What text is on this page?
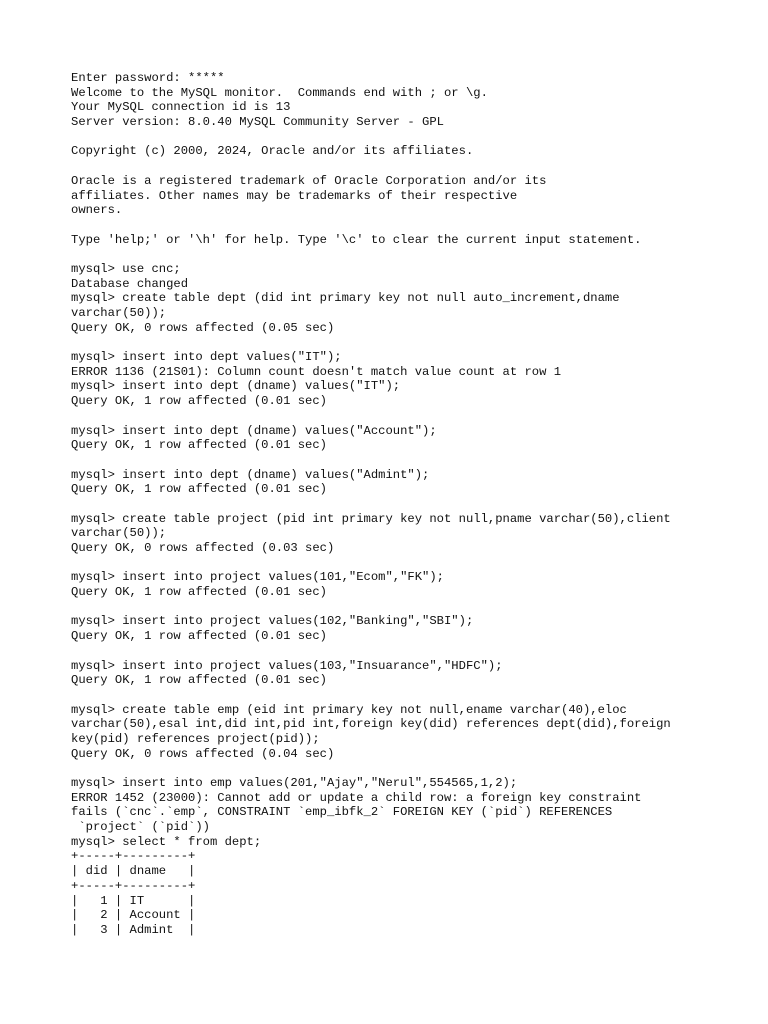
Enter password: *****
Welcome to the MySQL monitor.  Commands end with ; or \g.
Your MySQL connection id is 13
Server version: 8.0.40 MySQL Community Server - GPL
Copyright (c) 2000, 2024, Oracle and/or its affiliates.
Oracle is a registered trademark of Oracle Corporation and/or its
affiliates. Other names may be trademarks of their respective
owners.
Type 'help;' or '\h' for help. Type '\c' to clear the current input statement.
mysql> use cnc;
Database changed
mysql> create table dept (did int primary key not null auto_increment,dname
varchar(50));
Query OK, 0 rows affected (0.05 sec)
mysql> insert into dept values("IT");
ERROR 1136 (21S01): Column count doesn't match value count at row 1
mysql> insert into dept (dname) values("IT");
Query OK, 1 row affected (0.01 sec)
mysql> insert into dept (dname) values("Account");
Query OK, 1 row affected (0.01 sec)
mysql> insert into dept (dname) values("Admint");
Query OK, 1 row affected (0.01 sec)
mysql> create table project (pid int primary key not null,pname varchar(50),client
varchar(50));
Query OK, 0 rows affected (0.03 sec)
mysql> insert into project values(101,"Ecom","FK");
Query OK, 1 row affected (0.01 sec)
mysql> insert into project values(102,"Banking","SBI");
Query OK, 1 row affected (0.01 sec)
mysql> insert into project values(103,"Insuarance","HDFC");
Query OK, 1 row affected (0.01 sec)
mysql> create table emp (eid int primary key not null,ename varchar(40),eloc
varchar(50),esal int,did int,pid int,foreign key(did) references dept(did),foreign
key(pid) references project(pid));
Query OK, 0 rows affected (0.04 sec)
mysql> insert into emp values(201,"Ajay","Nerul",554565,1,2);
ERROR 1452 (23000): Cannot add or update a child row: a foreign key constraint
fails (`cnc`.`emp`, CONSTRAINT `emp_ibfk_2` FOREIGN KEY (`pid`) REFERENCES
`project` (`pid`))
mysql> select * from dept;
+-----+---------+
| did | dname   |
+-----+---------+
|   1 | IT      |
|   2 | Account |
|   3 | Admint  |
